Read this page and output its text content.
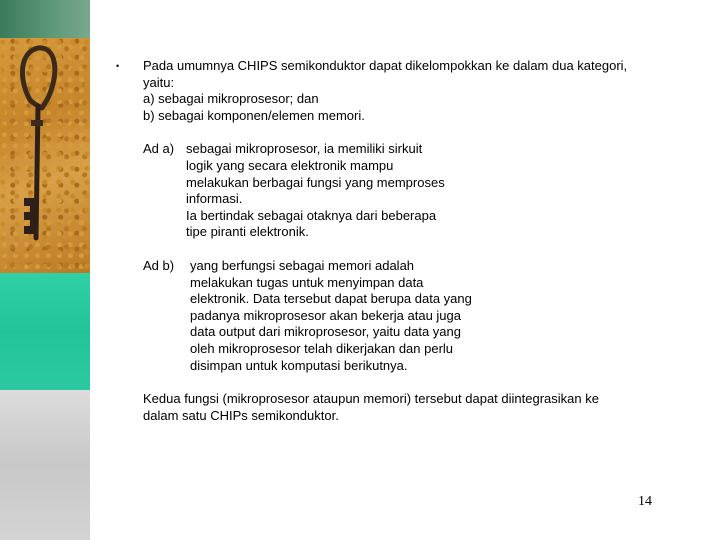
• Pada umumnya CHIPS semikonduktor dapat dikelompokkan ke dalam dua kategori,
yaitu:
a) sebagai mikroprosesor; dan
b) sebagai komponen/elemen memori.

Ad a) sebagai mikroprosesor, ia memiliki sirkuit
logik yang secara elektronik mampu
melakukan berbagai fungsi yang memproses
informasi.
Ia bertindak sebagai otaknya dari beberapa
tipe piranti elektronik.
Ad b)	yang berfungsi sebagai memori adalah
melakukan tugas untuk menyimpan data
elektronik. Data tersebut dapat berupa data yang
padanya mikroprosesor akan bekerja atau juga
data output dari mikroprosesor, yaitu data yang
oleh mikroprosesor telah dikerjakan dan perlu
disimpan untuk komputasi berikutnya.

Kedua fungsi (mikroprosesor ataupun memori) tersebut dapat diintegrasikan ke
dalam satu CHIPs semikonduktor.

14
